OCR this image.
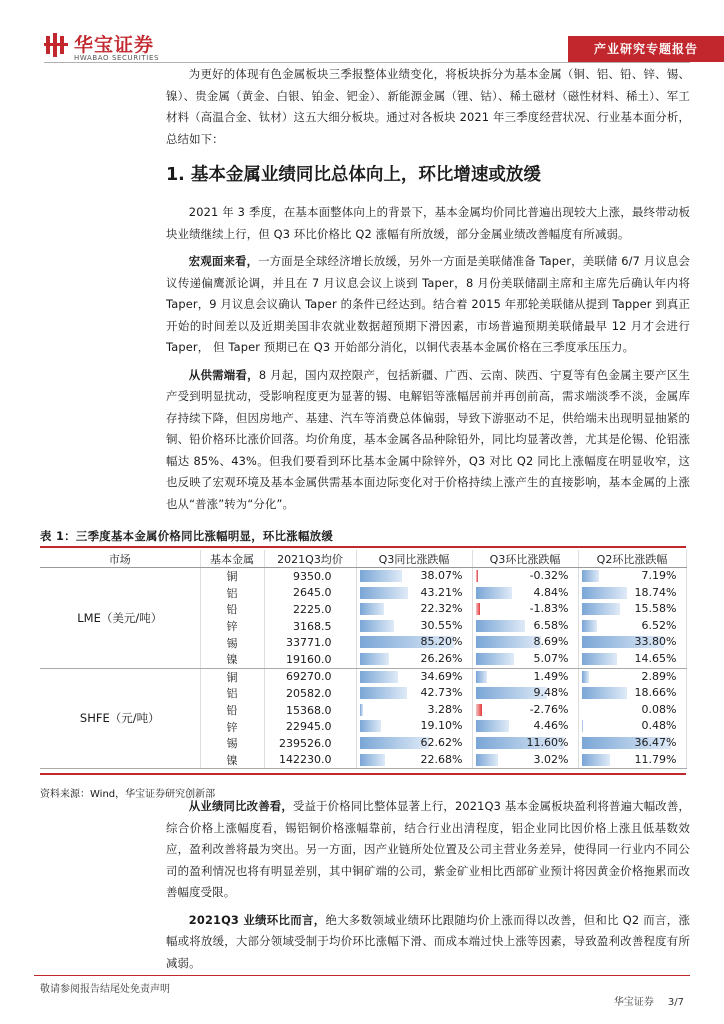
华宝证券
HWABAO SECURITIES
产业研究专题报告

为更好的体现有色金属板块三季报整体业绩变化，将板块拆分为基本金属（铜、铝、铅、锌、锡、镍）、贵金属（黄金、白银、铂金、钯金）、新能源金属（锂、钴）、稀土磁材（磁性材料、稀土）、军工材料（高温合金、钛材）这五大细分板块。通过对各板块 2021 年三季度经营状况、行业基本面分析，总结如下：

1. 基本金属业绩同比总体向上，环比增速或放缓

2021 年 3 季度，在基本面整体向上的背景下，基本金属均价同比普遍出现较大上涨，最终带动板块业绩继续上行，但 Q3 环比价格比 Q2 涨幅有所放缓，部分金属业绩改善幅度有所减弱。

宏观面来看，一方面是全球经济增长放缓，另外一方面是美联储准备 Taper，美联储 6/7 月议息会议传递偏鹰派论调，并且在 7 月议息会议上谈到 Taper，8 月份美联储副主席和主席先后确认年内将 Taper，9 月议息会议确认 Taper 的条件已经达到。结合着 2015 年那轮美联储从提到 Tapper 到真正开始的时间差以及近期美国非农就业数据超预期下滑因素，市场普遍预期美联储最早 12 月才会进行 Taper， 但 Taper 预期已在 Q3 开始部分消化，以铜代表基本金属价格在三季度承压压力。

从供需端看，8 月起，国内双控限产，包括新疆、广西、云南、陕西、宁夏等有色金属主要产区生产受到明显扰动，受影响程度更为显著的锡、电解铝等涨幅居前并再创前高，需求端淡季不淡，金属库存持续下降，但因房地产、基建、汽车等消费总体偏弱，导致下游驱动不足，供给端未出现明显抽紧的铜、铅价格环比涨价回落。均价角度，基本金属各品种除铅外，同比均显著改善，尤其是伦锡、伦铝涨幅达 85%、43%。但我们要看到环比基本金属中除锌外，Q3 对比 Q2 同比上涨幅度在明显收窄，这也反映了宏观环境及基本金属供需基本面边际变化对于价格持续上涨产生的直接影响，基本金属的上涨也从“普涨”转为“分化”。

表 1：三季度基本金属价格同比涨幅明显，环比涨幅放缓
市场	基本金属	2021Q3均价	Q3同比涨跌幅	Q3环比涨跌幅	Q2环比涨跌幅
LME（美元/吨）	铜	9350.0	38.07%	-0.32%	7.19%

	铝	2645.0	43.21%	4.84%	18.74%

	铅	2225.0	22.32%	-1.83%	15.58%

	锌	3168.5	30.55%	6.58%	6.52%

	锡	33771.0	85.20%	8.69%	33.80%

	镍	19160.0	26.26%	5.07%	14.65%

SHFE（元/吨）	铜	69270.0	34.69%	1.49%	2.89%

	铝	20582.0	42.73%	9.48%	18.66%

	铅	15368.0	3.28%	-2.76%	0.08%

	锌	22945.0	19.10%	4.46%	0.48%

	锡	239526.0	62.62%	11.60%	36.47%

	镍	142230.0	22.68%	3.02%	11.79%
资料来源：Wind，华宝证券研究创新部

从业绩同比改善看，受益于价格同比整体显著上行，2021Q3 基本金属板块盈利将普遍大幅改善，综合价格上涨幅度看，锡铝铜价格涨幅靠前，结合行业出清程度，铝企业同比因价格上涨且低基数效应，盈利改善将最为突出。另一方面，因产业链所处位置及公司主营业务差异，使得同一行业内不同公司的盈利情况也将有明显差别，其中铜矿端的公司，紫金矿业相比西部矿业预计将因黄金价格拖累而改善幅度受限。

2021Q3 业绩环比而言，绝大多数领域业绩环比跟随均价上涨而得以改善，但和比 Q2 而言，涨幅或将放缓，大部分领域受制于均价环比涨幅下滑、而成本端过快上涨等因素，导致盈利改善程度有所减弱。

敬请参阅报告结尾处免责声明
华宝证券 3/7
